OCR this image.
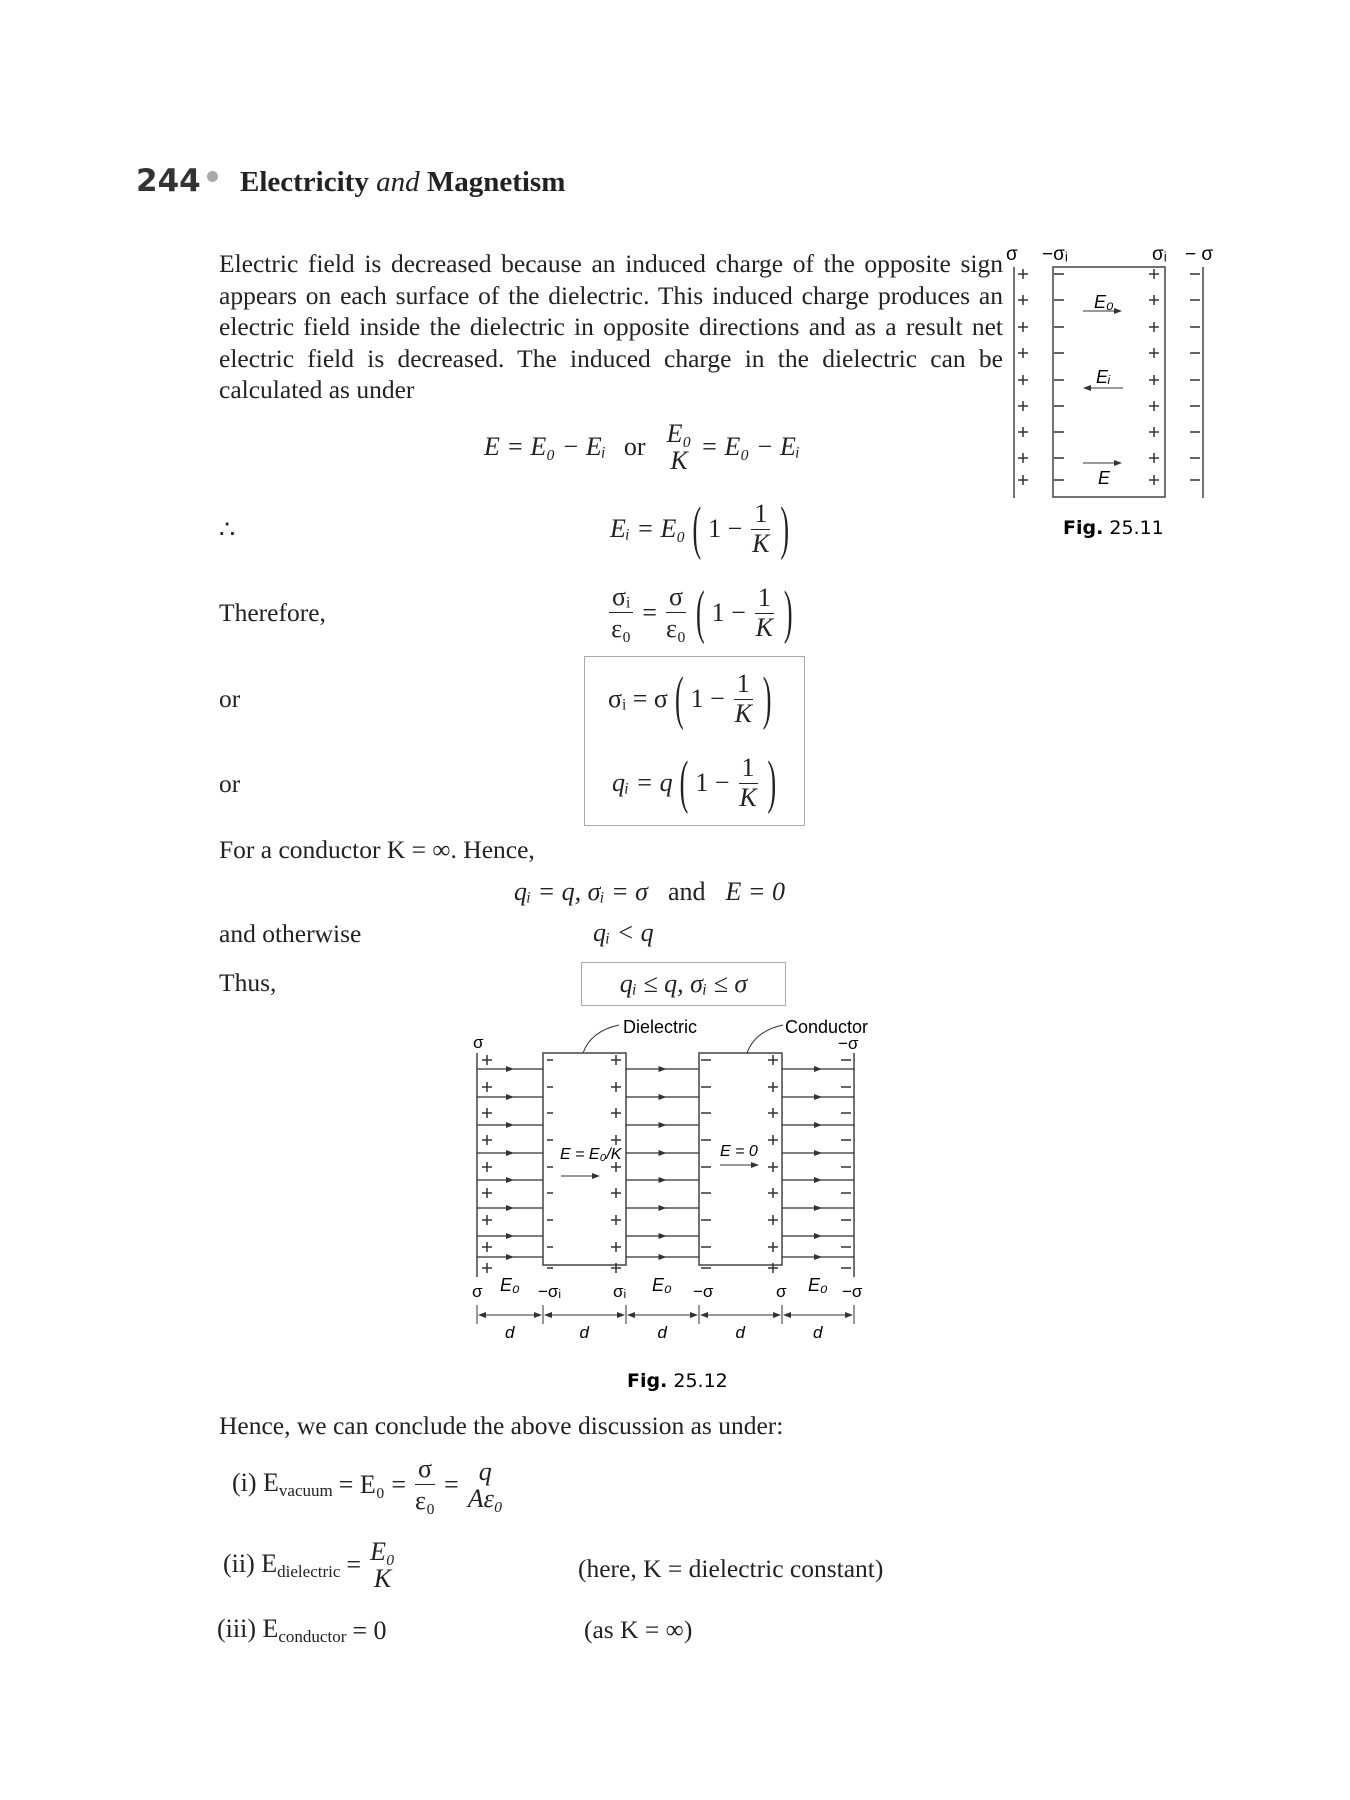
244 Electricity and Magnetism
Electric field is decreased because an induced charge of the opposite sign appears on each surface of the dielectric. This induced charge produces an electric field inside the dielectric in opposite directions and as a result net electric field is decreased. The induced charge in the dielectric can be calculated as under
E = E₀ − Eᵢ or E₀
K = E₀ − Eᵢ
∴	Eᵢ = E₀ ( $1 - \frac{1}{K}$ )
Therefore,	$\frac{\text{σᵢ}}{\text{ε₀}} = \frac{\sigma}{\text{ε₀}}$ ( $1 - \frac{1}{K}$ )
or	σᵢ = σ ( $1 - \frac{1}{K}$ )
or	qᵢ = q ( $1 - \frac{1}{K}$ )
For a conductor K = ∞. Hence,
qᵢ = q, σᵢ = σ and E = 0
and otherwise	qᵢ < q
Thus,	qᵢ ≤ q, σᵢ ≤ σ
σ −σᵢ	σᵢ − σ
E₀
Eᵢ
E
Fig. 25.11
Dielectric	Conductor
σ	−σ
E = E₀/K	E = 0
σ E₀ −σᵢ	σᵢ E₀ −σ	σ E₀ −σ
d	d	d	d	d
Fig. 25.12
Hence, we can conclude the above discussion as under:
(i) $E_{vacuum} = E_0 = \frac{\sigma}{\text{ε₀}} = q$
Aε₀
(ii) $E_{dielectric} = E_0$
K	(here, K = dielectric constant)
(iii) $E_{conductor} = 0$	(as K = ∞)
